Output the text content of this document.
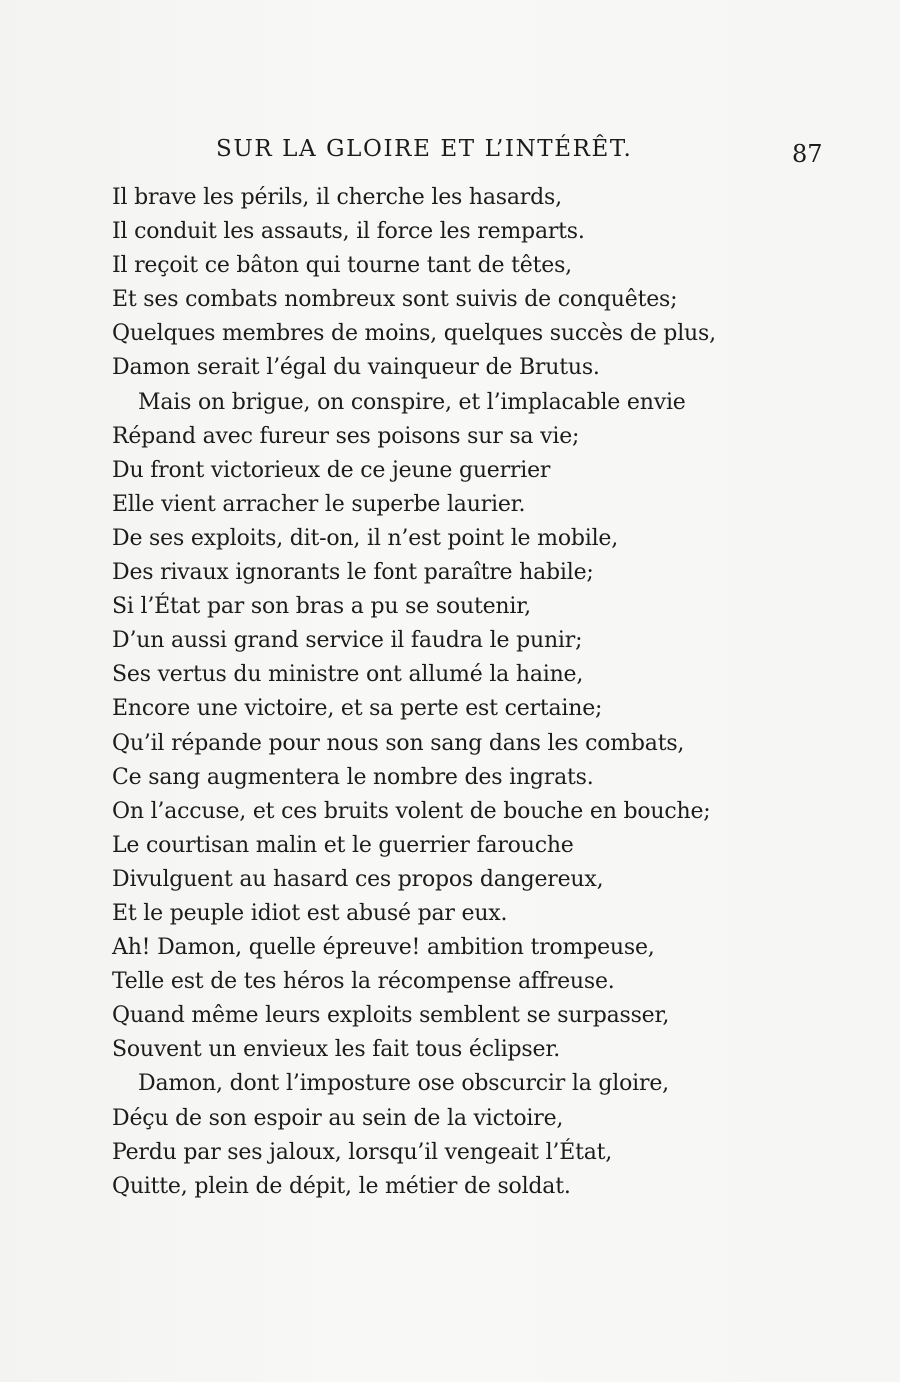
SUR LA GLOIRE ET L’INTÉRÊT.	87
Il brave les périls, il cherche les hasards,
Il conduit les assauts, il force les remparts.
Il reçoit ce bâton qui tourne tant de têtes,
Et ses combats nombreux sont suivis de conquêtes;
Quelques membres de moins, quelques succès de plus,
Damon serait l’égal du vainqueur de Brutus.
Mais on brigue, on conspire, et l’implacable envie
Répand avec fureur ses poisons sur sa vie;
Du front victorieux de ce jeune guerrier
Elle vient arracher le superbe laurier.
De ses exploits, dit-on, il n’est point le mobile,
Des rivaux ignorants le font paraître habile;
Si l’État par son bras a pu se soutenir,
D’un aussi grand service il faudra le punir;
Ses vertus du ministre ont allumé la haine,
Encore une victoire, et sa perte est certaine;
Qu’il répande pour nous son sang dans les combats,
Ce sang augmentera le nombre des ingrats.
On l’accuse, et ces bruits volent de bouche en bouche;
Le courtisan malin et le guerrier farouche
Divulguent au hasard ces propos dangereux,
Et le peuple idiot est abusé par eux.
Ah! Damon, quelle épreuve! ambition trompeuse,
Telle est de tes héros la récompense affreuse.
Quand même leurs exploits semblent se surpasser,
Souvent un envieux les fait tous éclipser.
Damon, dont l’imposture ose obscurcir la gloire,
Déçu de son espoir au sein de la victoire,
Perdu par ses jaloux, lorsqu’il vengeait l’État,
Quitte, plein de dépit, le métier de soldat.
